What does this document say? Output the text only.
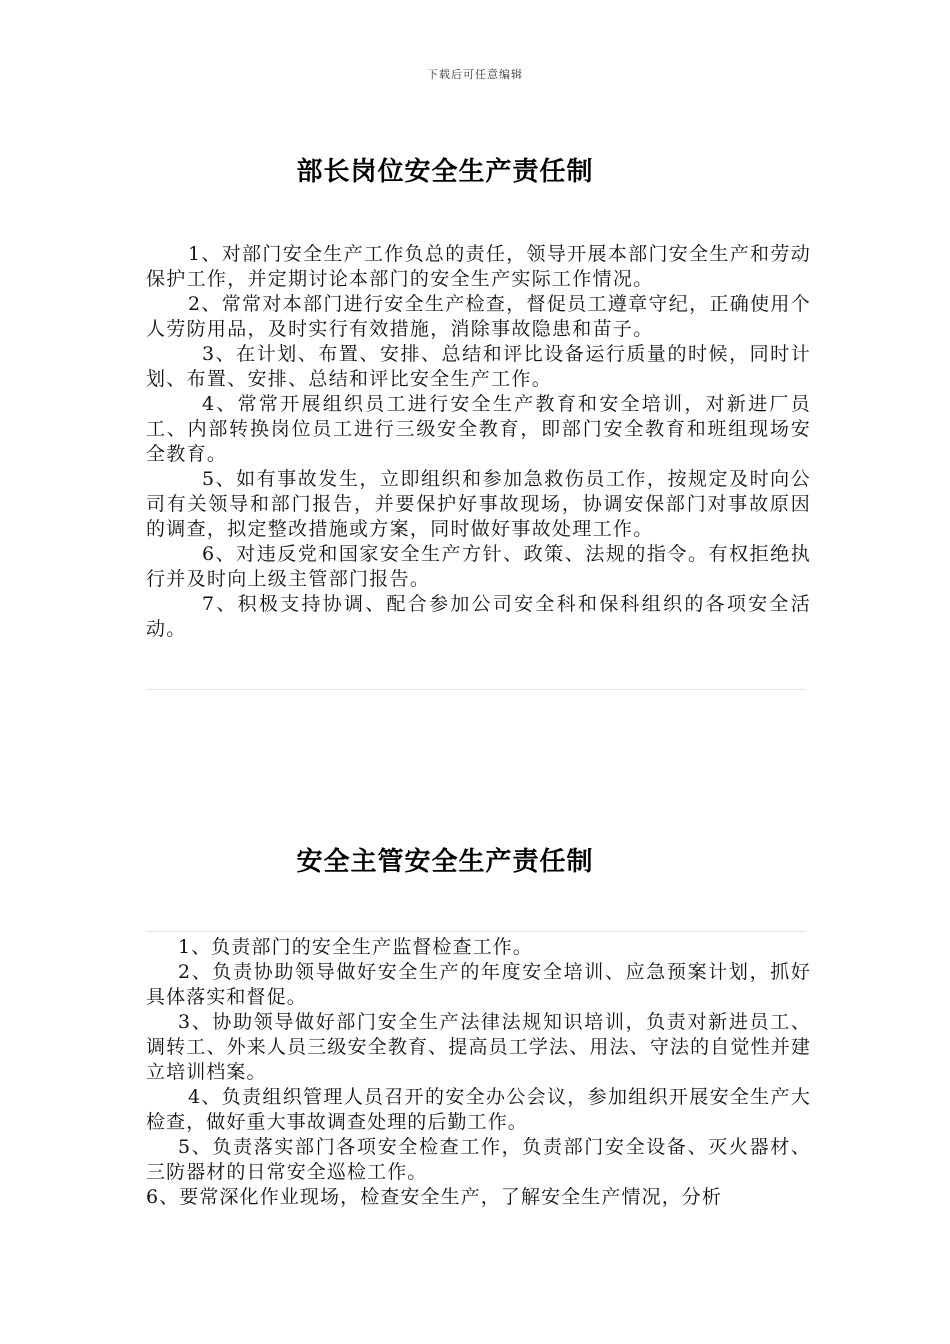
下载后可任意编辑
部长岗位安全生产责任制

1、对部门安全生产工作负总的责任，领导开展本部门安全生产和劳动保护工作，并定期讨论本部门的安全生产实际工作情况。

2、常常对本部门进行安全生产检查，督促员工遵章守纪，正确使用个人劳防用品，及时实行有效措施，消除事故隐患和苗子。

3、在计划、布置、安排、总结和评比设备运行质量的时候，同时计划、布置、安排、总结和评比安全生产工作。

4、常常开展组织员工进行安全生产教育和安全培训，对新进厂员工、内部转换岗位员工进行三级安全教育，即部门安全教育和班组现场安全教育。

5、如有事故发生，立即组织和参加急救伤员工作，按规定及时向公司有关领导和部门报告，并要保护好事故现场，协调安保部门对事故原因的调查，拟定整改措施或方案，同时做好事故处理工作。

6、对违反党和国家安全生产方针、政策、法规的指令。有权拒绝执行并及时向上级主管部门报告。

7、积极支持协调、配合参加公司安全科和保科组织的各项安全活动。

安全主管安全生产责任制

1、负责部门的安全生产监督检查工作。

2、负责协助领导做好安全生产的年度安全培训、应急预案计划，抓好具体落实和督促。

3、协助领导做好部门安全生产法律法规知识培训，负责对新进员工、调转工、外来人员三级安全教育、提高员工学法、用法、守法的自觉性并建立培训档案。

4、负责组织管理人员召开的安全办公会议，参加组织开展安全生产大检查，做好重大事故调查处理的后勤工作。

5、负责落实部门各项安全检查工作，负责部门安全设备、灭火器材、三防器材的日常安全巡检工作。

6、要常深化作业现场，检查安全生产，了解安全生产情况，分析
